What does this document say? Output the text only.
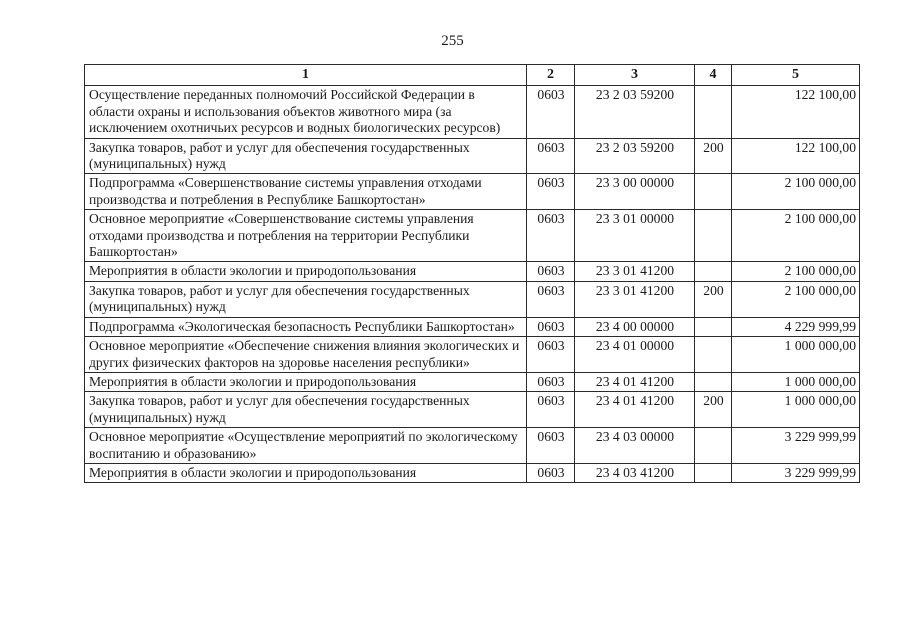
255
1	2	3	4	5
Осуществление переданных полномочий Российской Федерации в области охраны и использования объектов животного мира (за исключением охотничьих ресурсов и водных биологических ресурсов)	0603	23 2 03 59200		122 100,00
Закупка товаров, работ и услуг для обеспечения государственных (муниципальных) нужд	0603	23 2 03 59200	200	122 100,00
Подпрограмма «Совершенствование системы управления отходами производства и потребления в Республике Башкортостан»	0603	23 3 00 00000		2 100 000,00
Основное мероприятие «Совершенствование системы управления отходами производства и потребления на территории Республики Башкортостан»	0603	23 3 01 00000		2 100 000,00
Мероприятия в области экологии и природопользования	0603	23 3 01 41200		2 100 000,00
Закупка товаров, работ и услуг для обеспечения государственных (муниципальных) нужд	0603	23 3 01 41200	200	2 100 000,00
Подпрограмма «Экологическая безопасность Республики Башкортостан»	0603	23 4 00 00000		4 229 999,99
Основное мероприятие «Обеспечение снижения влияния экологических и других физических факторов на здоровье населения республики»	0603	23 4 01 00000		1 000 000,00
Мероприятия в области экологии и природопользования	0603	23 4 01 41200		1 000 000,00
Закупка товаров, работ и услуг для обеспечения государственных (муниципальных) нужд	0603	23 4 01 41200	200	1 000 000,00
Основное мероприятие «Осуществление мероприятий по экологическому воспитанию и образованию»	0603	23 4 03 00000		3 229 999,99
Мероприятия в области экологии и природопользования	0603	23 4 03 41200		3 229 999,99
